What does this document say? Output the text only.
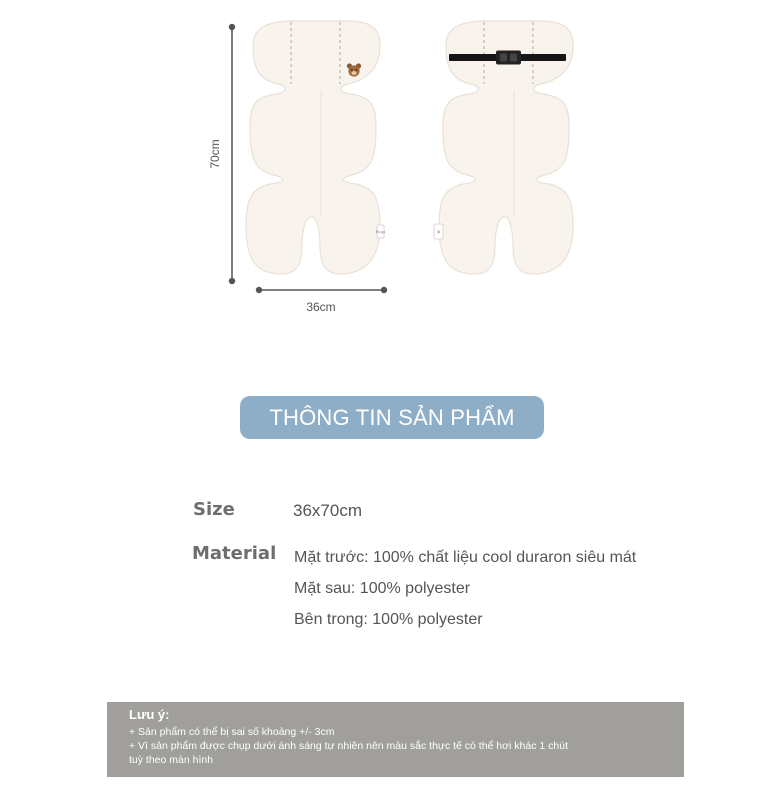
70cm
36cm
Ro.go	>
THÔNG TIN SẢN PHẨM
Size	36x70cm
Material Mặt trước: 100% chất liệu cool duraron siêu mát
Mặt sau: 100% polyester
Bên trong: 100% polyester
Lưu ý:
+ Sản phẩm có thể bị sai số khoảng +/- 3cm
+ Vì sản phẩm được chụp dưới ánh sáng tự nhiên nên màu sắc thực tế có thể hơi khác 1 chút
tuỳ theo màn hình
